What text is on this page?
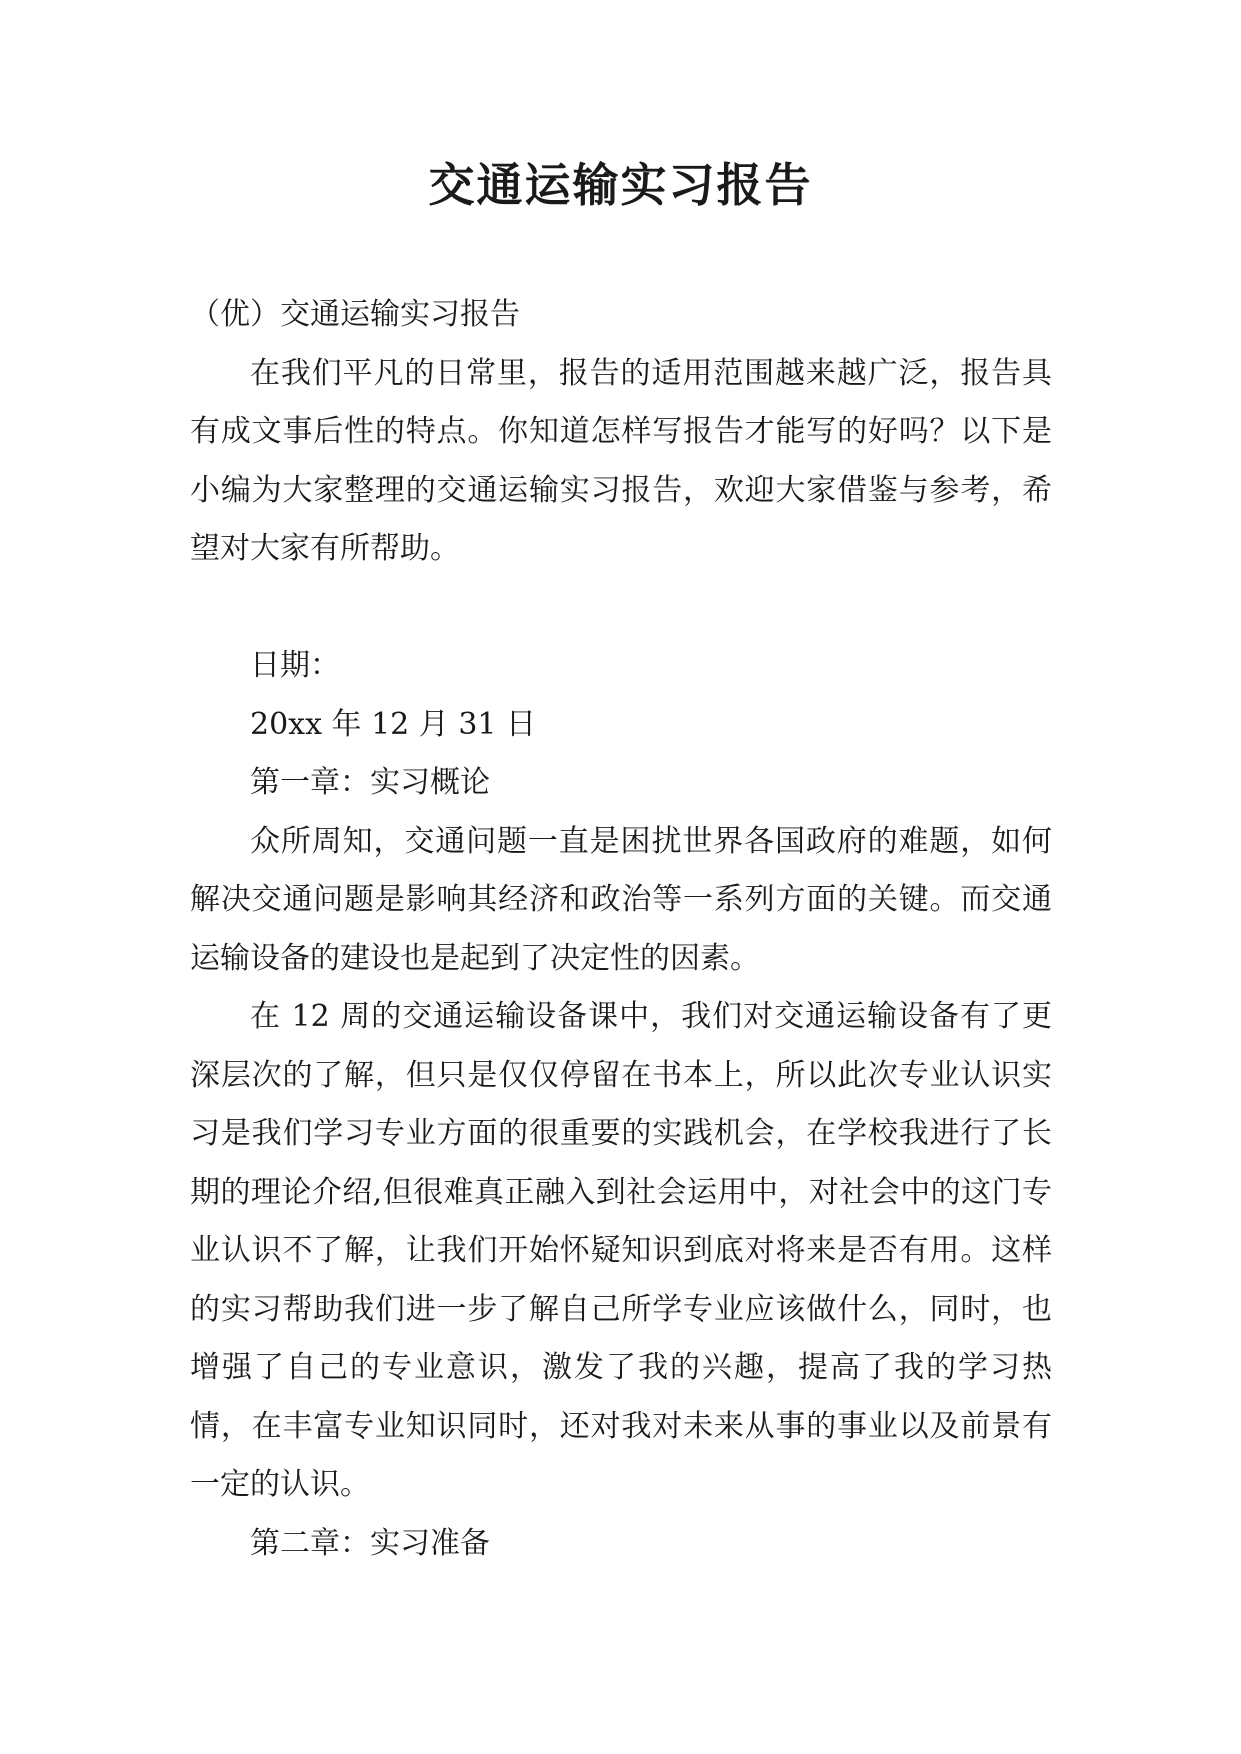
交通运输实习报告

（优）交通运输实习报告

在我们平凡的日常里，报告的适用范围越来越广泛，报告具有成文事后性的特点。你知道怎样写报告才能写的好吗？以下是小编为大家整理的交通运输实习报告，欢迎大家借鉴与参考，希望对大家有所帮助。

日期：

20xx 年 12 月 31 日

第一章：实习概论

众所周知，交通问题一直是困扰世界各国政府的难题，如何解决交通问题是影响其经济和政治等一系列方面的关键。而交通运输设备的建设也是起到了决定性的因素。

在 12 周的交通运输设备课中，我们对交通运输设备有了更深层次的了解，但只是仅仅停留在书本上，所以此次专业认识实习是我们学习专业方面的很重要的实践机会，在学校我进行了长期的理论介绍,但很难真正融入到社会运用中，对社会中的这门专业认识不了解，让我们开始怀疑知识到底对将来是否有用。这样的实习帮助我们进一步了解自己所学专业应该做什么，同时，也增强了自己的专业意识，激发了我的兴趣，提高了我的学习热情，在丰富专业知识同时，还对我对未来从事的事业以及前景有一定的认识。

第二章：实习准备
